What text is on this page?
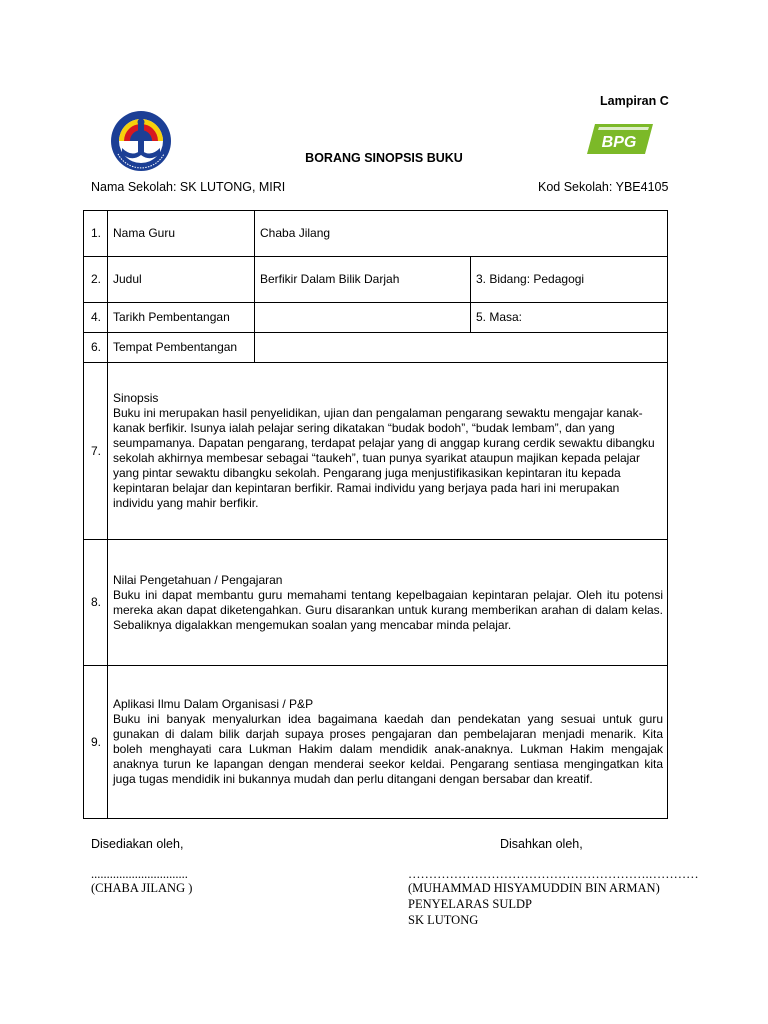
Lampiran C
BPG
BORANG SINOPSIS BUKU
Nama Sekolah: SK LUTONG, MIRI	Kod Sekolah: YBE4105
1.	Nama Guru	Chaba Jilang	
2.	Judul	Berfikir Dalam Bilik Darjah	3. Bidang: Pedagogi
4.	Tarikh Pembentangan		5. Masa:
6.	Tempat Pembentangan		
7.	Sinopsis
Buku ini merupakan hasil penyelidikan, ujian dan pengalaman pengarang sewaktu mengajar kanak-kanak berfikir. Isunya ialah pelajar sering dikatakan “budak bodoh”, “budak lembam”, dan yang seumpamanya. Dapatan pengarang, terdapat pelajar yang di anggap kurang cerdik sewaktu dibangku sekolah akhirnya membesar sebagai “taukeh”, tuan punya syarikat ataupun majikan kepada pelajar yang pintar sewaktu dibangku sekolah. Pengarang juga menjustifikasikan kepintaran itu kepada kepintaran belajar dan kepintaran berfikir. Ramai individu yang berjaya pada hari ini merupakan individu yang mahir berfikir.		

8.	Nilai Pengetahuan / Pengajaran
Buku ini dapat membantu guru memahami tentang kepelbagaian kepintaran pelajar. Oleh itu potensi mereka akan dapat diketengahkan. Guru disarankan untuk kurang memberikan arahan di dalam kelas. Sebaliknya digalakkan mengemukan soalan yang mencabar minda pelajar.		

9.	Aplikasi Ilmu Dalam Organisasi / P&P
Buku ini banyak menyalurkan idea bagaimana kaedah dan pendekatan yang sesuai untuk guru gunakan di dalam bilik darjah supaya proses pengajaran dan pembelajaran menjadi menarik. Kita boleh menghayati cara Lukman Hakim dalam mendidik anak-anaknya. Lukman Hakim mengajak anaknya turun ke lapangan dengan menderai seekor keldai. Pengarang sentiasa mengingatkan kita juga tugas mendidik ini bukannya mudah dan perlu ditangani dengan bersabar dan kreatif.		
Disediakan oleh,	Disahkan oleh,
...............................	………………………………………………….…………
(CHABA JILANG )	(MUHAMMAD HISYAMUDDIN BIN ARMAN)
PENYELARAS SULDP
SK LUTONG
